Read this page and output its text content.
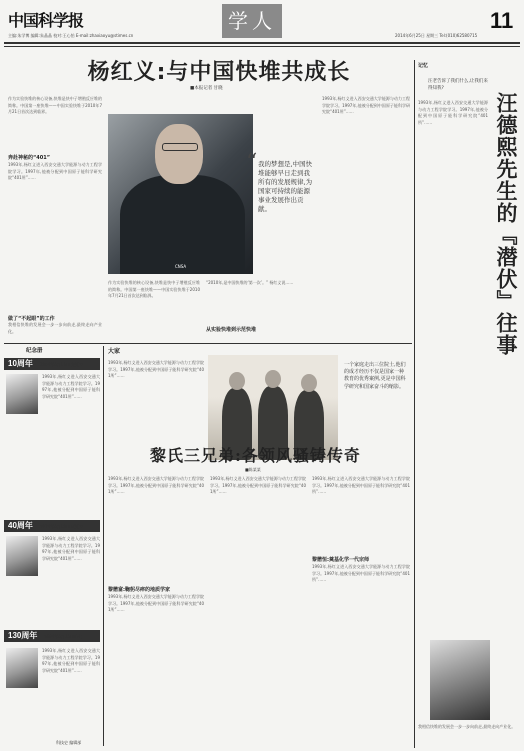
中国科学报
主编:朱学博 编辑:朱晶晶 校对:王心怡 E-mail:zhaxiaoyu@stimes.cn
学人	11
2014年6月25日 星期三 Tel:(010)62580715
杨红义:与中国快堆共成长
■本报记者 甘晓
作为实验快堆的核心设备,快堆是快中子增殖反应堆的简称。中国第一座快堆——中国实验快堆于2010年7月21日首次达到临界。
奔赴神秘的“401”
1993年,杨红义进入西安交通大学能源与动力工程学院学习。1997年,他被分配到中国原子能科学研究院“401所”……
做了“不起眼”的工作
我相信快堆的发展会一步一步向前走,最终走向产业化。
CNSA
“ 我的梦想是,中国快堆能够早日走到我所有的发展规律,为国家可持续的能源事业发展作出贡献。
1993年,杨红义进入西安交通大学能源与动力工程学院学习。1997年,他被分配到中国原子能科学研究院“401所”……
作为实验快堆的核心设备,快堆是快中子增殖反应堆的简称。中国第一座快堆——中国实验快堆于2010年7月21日首次达到临界。
“2010年,是中国快堆的‘第一次’。” 杨红义说……
从实验快堆到示范快堆
记忆
汪老告诉了我们什么,让我们来得知我?
汪德熙先生的『潜伏』往事
1993年,杨红义进入西安交通大学能源与动力工程学院学习。1997年,他被分配到中国原子能科学研究院“401所”……
我相信快堆的发展会一步一步向前走,最终走向产业化。
纪念册
10周年	2004年6月16日 先逝世
1993年,杨红义进入西安交通大学能源与动力工程学院学习。1997年,他被分配到中国原子能科学研究院“401所”……
40周年	1974年6月18日 同逝世
1993年,杨红义进入西安交通大学能源与动力工程学院学习。1997年,他被分配到中国原子能科学研究院“401所”……
130周年	1884年6月25日出生
1993年,杨红义进入西安交通大学能源与动力工程学院学习。1997年,他被分配到中国原子能科学研究院“401所”……
科技史 编辑部
大家
一个家庭走出三位院士,他们的成才经历不仅是国家一种教育的优秀案例,更是中国科学研究和国家奋斗的缩影。
1993年,杨红义进入西安交通大学能源与动力工程学院学习。1997年,他被分配到中国原子能科学研究院“401所”……
黎氏三兄弟:各领风骚铸传奇
■陈某某
黎懋富:鞠躬尽瘁的地质学家
1993年,杨红义进入西安交通大学能源与动力工程学院学习。1997年,他被分配到中国原子能科学研究院“401所”……
1993年,杨红义进入西安交通大学能源与动力工程学院学习。1997年,他被分配到中国原子能科学研究院“401所”……
1993年,杨红义进入西安交通大学能源与动力工程学院学习。1997年,他被分配到中国原子能科学研究院“401所”……
黎懋恒:奠基化学一代宗师
1993年,杨红义进入西安交通大学能源与动力工程学院学习。1997年,他被分配到中国原子能科学研究院“401所”……
1993年,杨红义进入西安交通大学能源与动力工程学院学习。1997年,他被分配到中国原子能科学研究院“401所”……
